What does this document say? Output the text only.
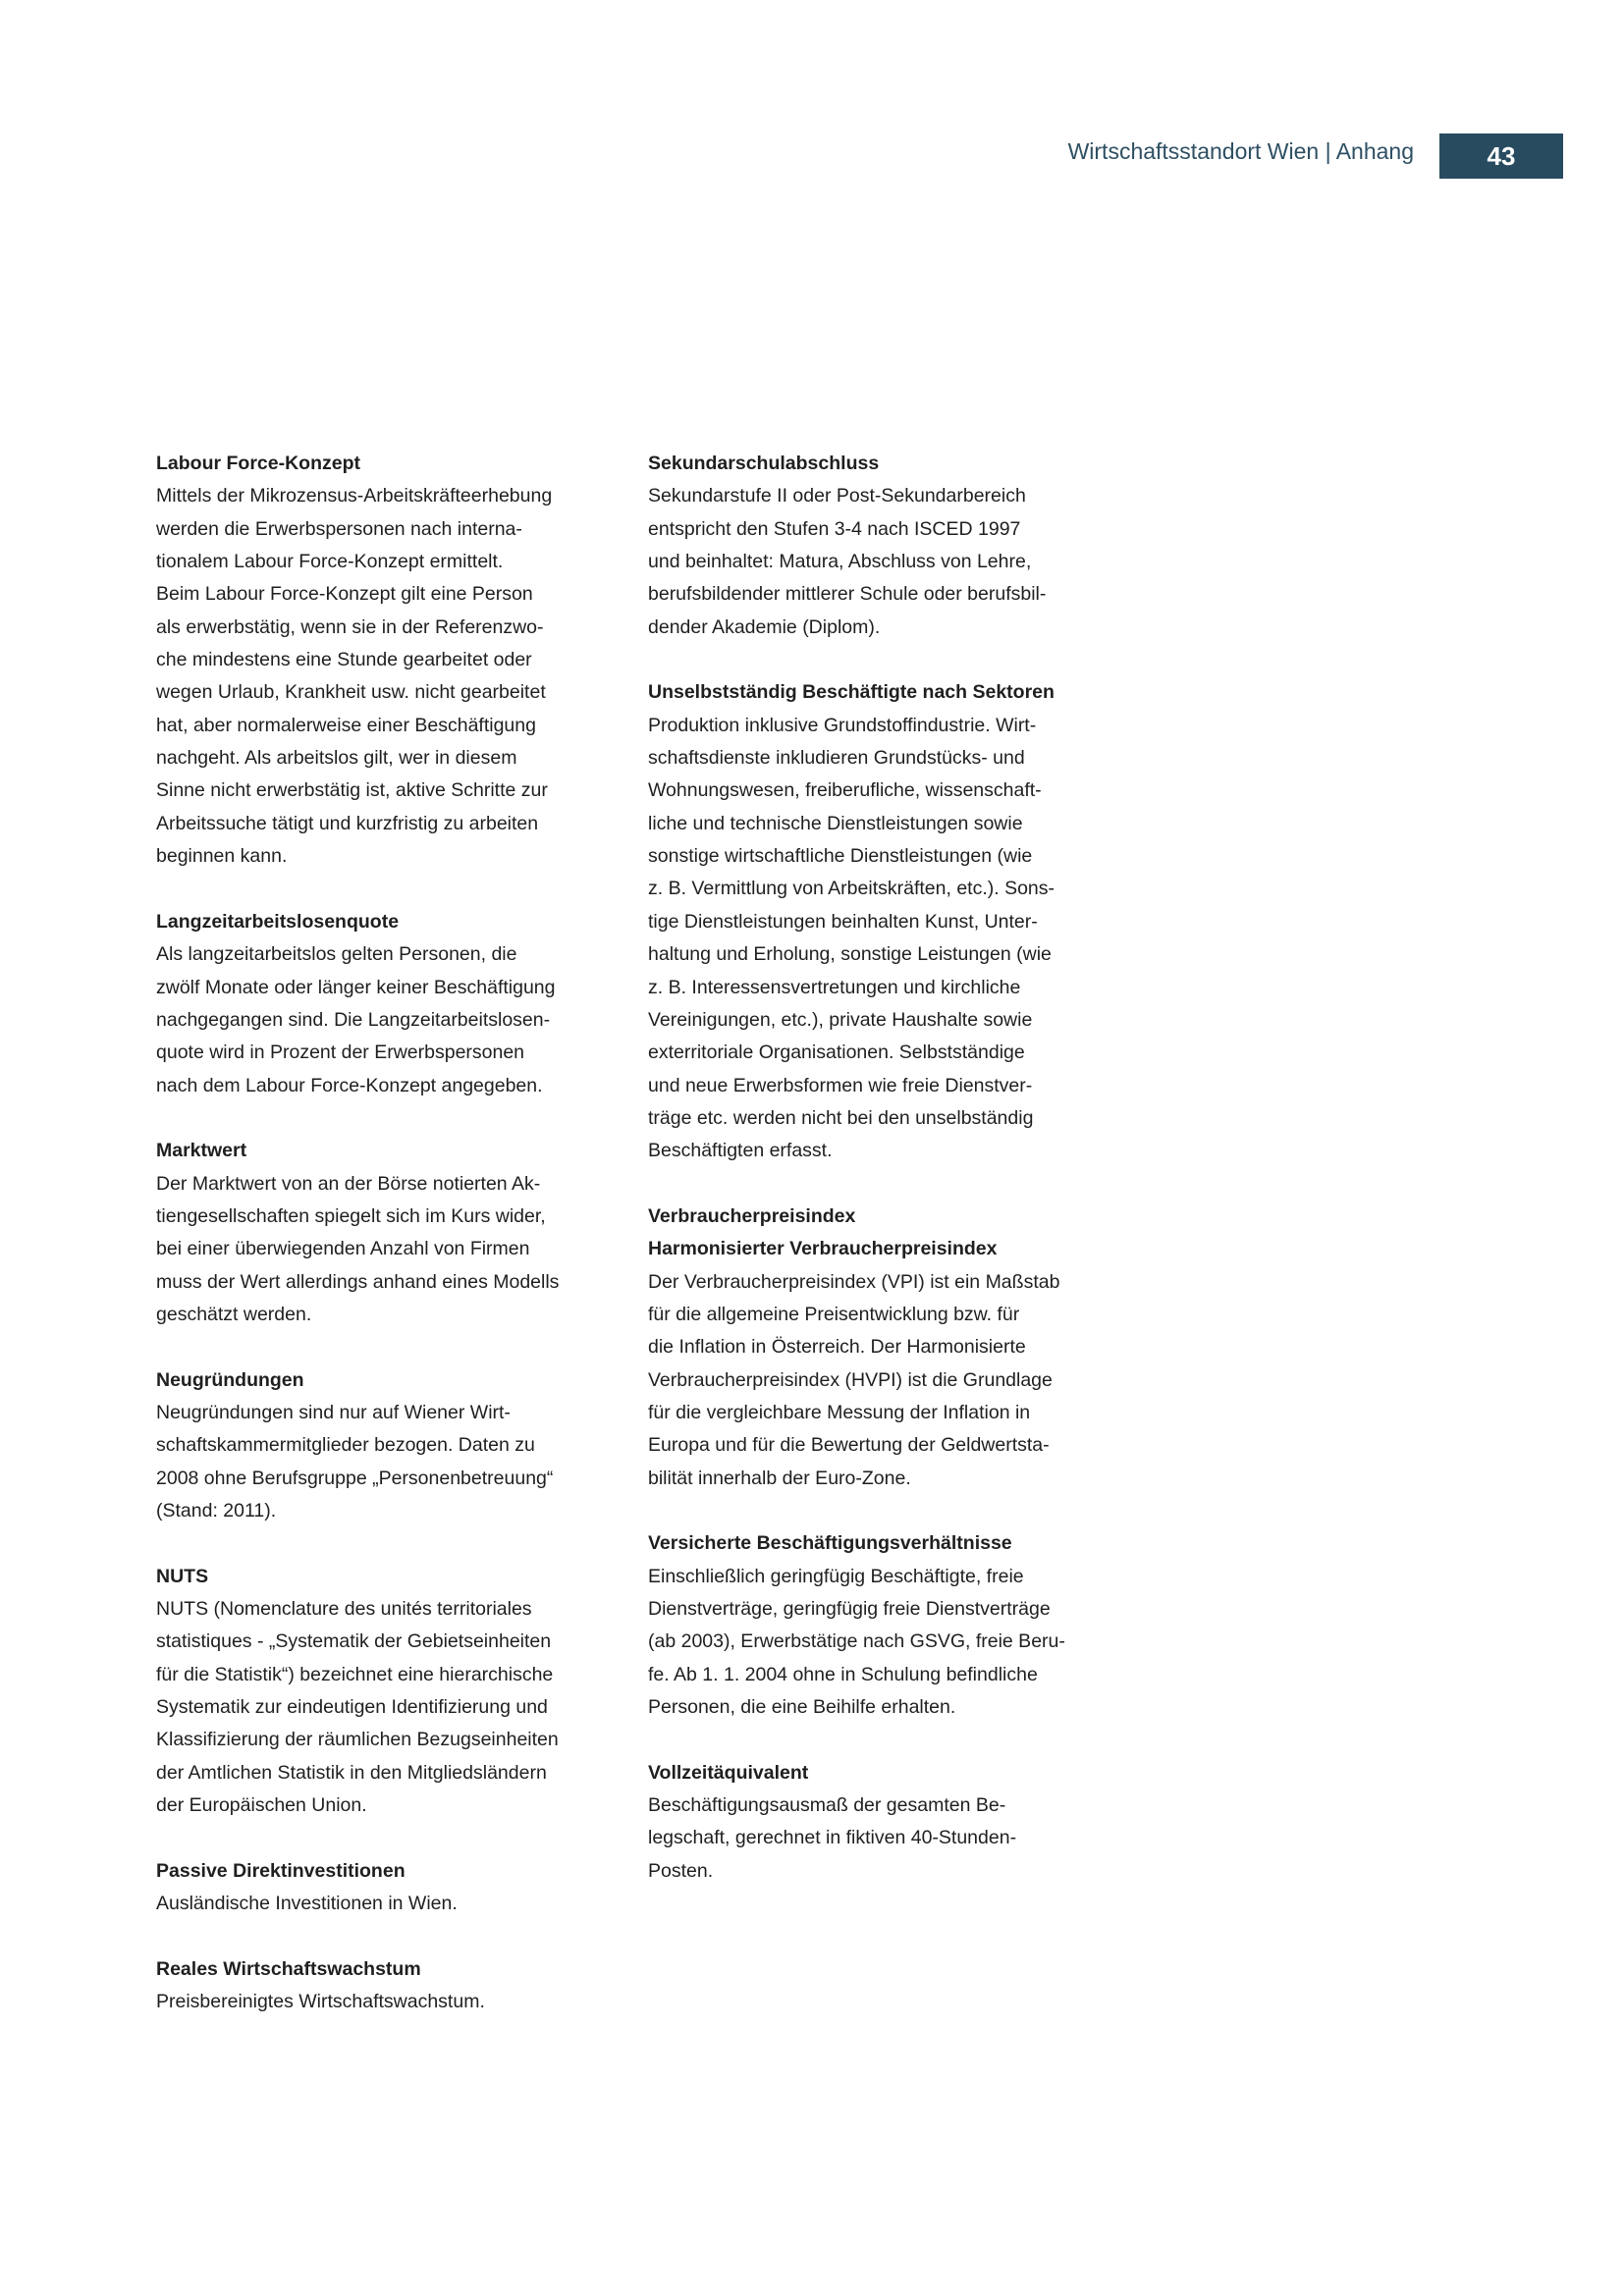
Wirtschaftsstandort Wien | Anhang	43
Labour Force-Konzept
Mittels der Mikrozensus-Arbeitskräfteerhebung
werden die Erwerbspersonen nach interna-
tionalem Labour Force-Konzept ermittelt.
Beim Labour Force-Konzept gilt eine Person
als erwerbstätig, wenn sie in der Referenzwo-
che mindestens eine Stunde gearbeitet oder
wegen Urlaub, Krankheit usw. nicht gearbeitet
hat, aber normalerweise einer Beschäftigung
nachgeht. Als arbeitslos gilt, wer in diesem
Sinne nicht erwerbstätig ist, aktive Schritte zur
Arbeitssuche tätigt und kurzfristig zu arbeiten
beginnen kann.
Langzeitarbeitslosenquote
Als langzeitarbeitslos gelten Personen, die
zwölf Monate oder länger keiner Beschäftigung
nachgegangen sind. Die Langzeitarbeitslosen-
quote wird in Prozent der Erwerbspersonen
nach dem Labour Force-Konzept angegeben.
Marktwert
Der Marktwert von an der Börse notierten Ak-
tiengesellschaften spiegelt sich im Kurs wider,
bei einer überwiegenden Anzahl von Firmen
muss der Wert allerdings anhand eines Modells
geschätzt werden.
Neugründungen
Neugründungen sind nur auf Wiener Wirt-
schaftskammermitglieder bezogen. Daten zu
2008 ohne Berufsgruppe „Personenbetreuung“
(Stand: 2011).
NUTS
NUTS (Nomenclature des unités territoriales
statistiques - „Systematik der Gebietseinheiten
für die Statistik“) bezeichnet eine hierarchische
Systematik zur eindeutigen Identifizierung und
Klassifizierung der räumlichen Bezugseinheiten
der Amtlichen Statistik in den Mitgliedsländern
der Europäischen Union.
Passive Direktinvestitionen
Ausländische Investitionen in Wien.
Reales Wirtschaftswachstum
Preisbereinigtes Wirtschaftswachstum.
Sekundarschulabschluss
Sekundarstufe II oder Post-Sekundarbereich
entspricht den Stufen 3-4 nach ISCED 1997
und beinhaltet: Matura, Abschluss von Lehre,
berufsbildender mittlerer Schule oder berufsbil-
dender Akademie (Diplom).
Unselbstständig Beschäftigte nach Sektoren
Produktion inklusive Grundstoffindustrie. Wirt-
schaftsdienste inkludieren Grundstücks- und
Wohnungswesen, freiberufliche, wissenschaft-
liche und technische Dienstleistungen sowie
sonstige wirtschaftliche Dienstleistungen (wie
z. B. Vermittlung von Arbeitskräften, etc.). Sons-
tige Dienstleistungen beinhalten Kunst, Unter-
haltung und Erholung, sonstige Leistungen (wie
z. B. Interessensvertretungen und kirchliche
Vereinigungen, etc.), private Haushalte sowie
exterritoriale Organisationen. Selbstständige
und neue Erwerbsformen wie freie Dienstver-
träge etc. werden nicht bei den unselbständig
Beschäftigten erfasst.
Verbraucherpreisindex
Harmonisierter Verbraucherpreisindex
Der Verbraucherpreisindex (VPI) ist ein Maßstab
für die allgemeine Preisentwicklung bzw. für
die Inflation in Österreich. Der Harmonisierte
Verbraucherpreisindex (HVPI) ist die Grundlage
für die vergleichbare Messung der Inflation in
Europa und für die Bewertung der Geldwertsta-
bilität innerhalb der Euro-Zone.
Versicherte Beschäftigungsverhältnisse
Einschließlich geringfügig Beschäftigte, freie
Dienstverträge, geringfügig freie Dienstverträge
(ab 2003), Erwerbstätige nach GSVG, freie Beru-
fe. Ab 1. 1. 2004 ohne in Schulung befindliche
Personen, die eine Beihilfe erhalten.
Vollzeitäquivalent
Beschäftigungsausmaß der gesamten Be-
legschaft, gerechnet in fiktiven 40-Stunden-
Posten.
